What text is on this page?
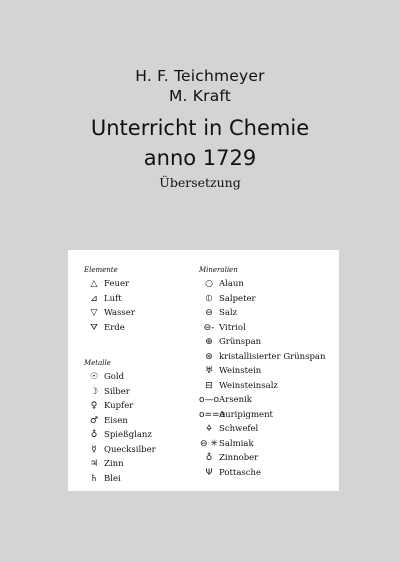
H. F. Teichmeyer
M. Kraft
Unterricht in Chemie
anno 1729
Übersetzung
Elemente
△ Feuer
⊿ Luft
▽ Wasser
⛛ Erde
Metalle
☉ Gold
☽ Silber
♀ Kupfer
♂ Eisen
♁ Spießglanz
☿ Quecksilber
♃ Zinn
♄ Blei
Mineralien
○ Alaun
⦶ Salpeter
⊖ Salz
⊖- Vitriol
⊕ Grünspan
⊛ kristallisierter Grünspan
♅ Weinstein
⊟ Weinsteinsalz
o—oArsenik
o==oAuripigment
🜍 Schwefel
⊖ ✳Salmiak
♁ Zinnober
Ψ Pottasche
